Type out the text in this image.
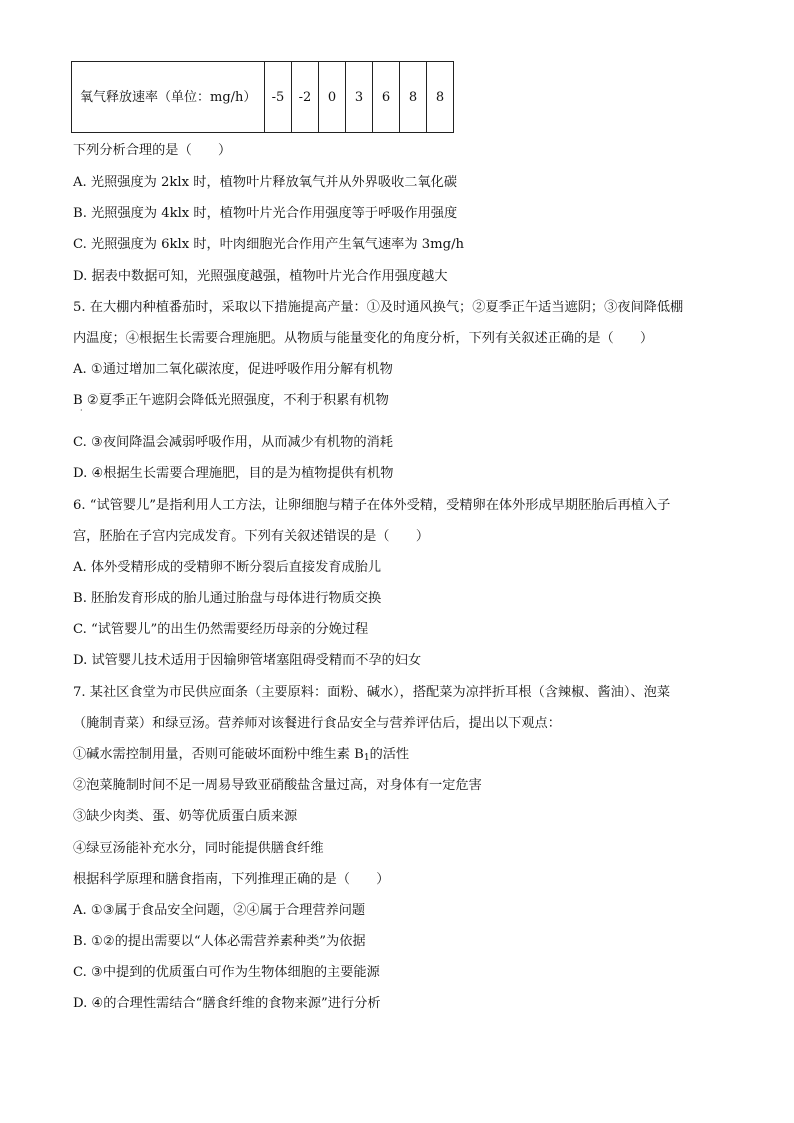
氧气释放速率（单位：mg/h）	-5	-2	0	3	6	8	8
下列分析合理的是（　　）
A. 光照强度为 2klx 时，植物叶片释放氧气并从外界吸收二氧化碳
B. 光照强度为 4klx 时，植物叶片光合作用强度等于呼吸作用强度
C. 光照强度为 6klx 时，叶肉细胞光合作用产生氧气速率为 3mg/h
D. 据表中数据可知，光照强度越强，植物叶片光合作用强度越大
5. 在大棚内种植番茄时，采取以下措施提高产量：①及时通风换气；②夏季正午适当遮阴；③夜间降低棚
内温度；④根据生长需要合理施肥。从物质与能量变化的角度分析，下列有关叙述正确的是（　　）
A. ①通过增加二氧化碳浓度，促进呼吸作用分解有机物
B ②夏季正午遮阴会降低光照强度，不利于积累有机物
·
C. ③夜间降温会减弱呼吸作用，从而减少有机物的消耗
D. ④根据生长需要合理施肥，目的是为植物提供有机物
6. “试管婴儿”是指利用人工方法，让卵细胞与精子在体外受精，受精卵在体外形成早期胚胎后再植入子
宫，胚胎在子宫内完成发育。下列有关叙述错误的是（　　）
A. 体外受精形成的受精卵不断分裂后直接发育成胎儿
B. 胚胎发育形成的胎儿通过胎盘与母体进行物质交换
C. “试管婴儿”的出生仍然需要经历母亲的分娩过程
D. 试管婴儿技术适用于因输卵管堵塞阻碍受精而不孕的妇女
7. 某社区食堂为市民供应面条（主要原料：面粉、碱水），搭配菜为凉拌折耳根（含辣椒、酱油）、泡菜
（腌制青菜）和绿豆汤。营养师对该餐进行食品安全与营养评估后，提出以下观点：
①碱水需控制用量，否则可能破坏面粉中维生素 $B_1$的活性
②泡菜腌制时间不足一周易导致亚硝酸盐含量过高，对身体有一定危害
③缺少肉类、蛋、奶等优质蛋白质来源
④绿豆汤能补充水分，同时能提供膳食纤维
根据科学原理和膳食指南，下列推理正确的是（　　）
A. ①③属于食品安全问题，②④属于合理营养问题
B. ①②的提出需要以“人体必需营养素种类”为依据
C. ③中提到的优质蛋白可作为生物体细胞的主要能源
D. ④的合理性需结合“膳食纤维的食物来源”进行分析
